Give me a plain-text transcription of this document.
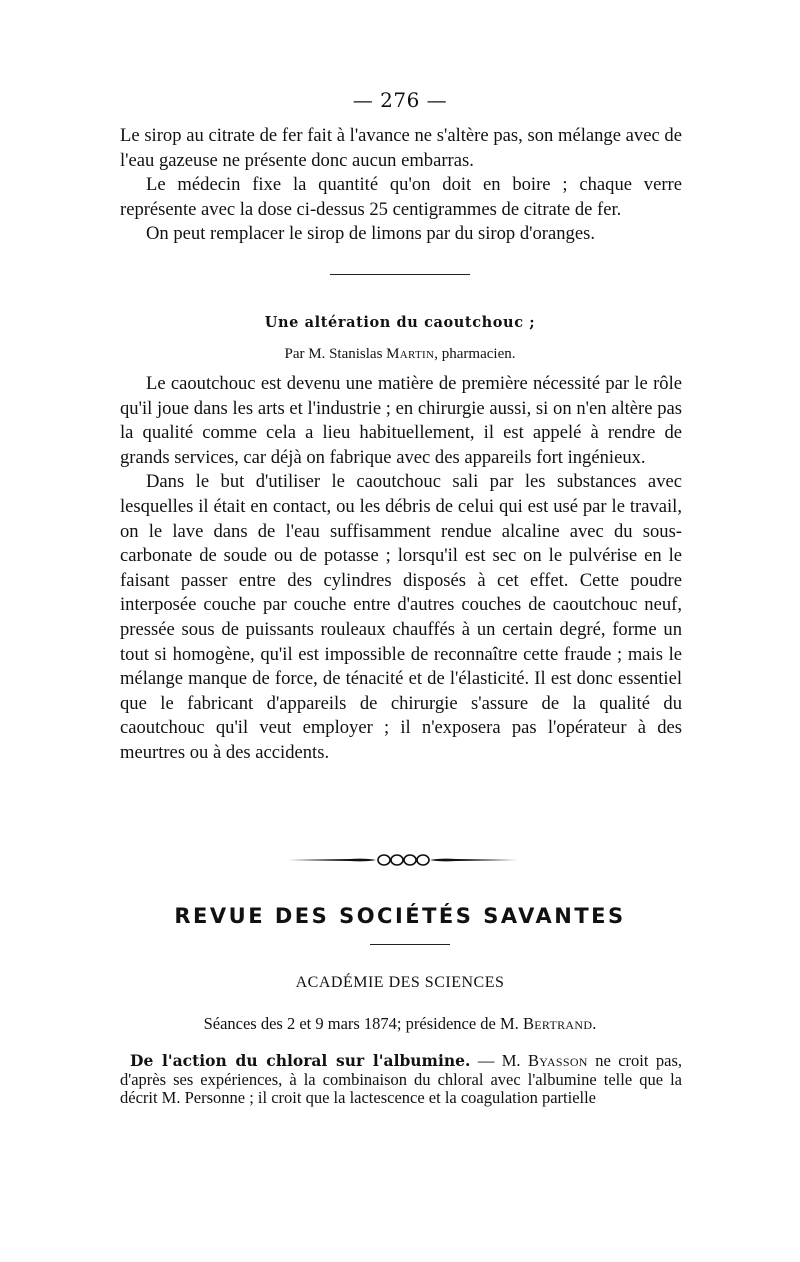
— 276 —

Le sirop au citrate de fer fait à l'avance ne s'altère pas, son mélange avec de l'eau gazeuse ne présente donc aucun embarras.

Le médecin fixe la quantité qu'on doit en boire ; chaque verre représente avec la dose ci-dessus 25 centigrammes de citrate de fer.

On peut remplacer le sirop de limons par du sirop d'oranges.

Une altération du caoutchouc ;
Par M. Stanislas Martin, pharmacien.

Le caoutchouc est devenu une matière de première nécessité par le rôle qu'il joue dans les arts et l'industrie ; en chirurgie aussi, si on n'en altère pas la qualité comme cela a lieu habituellement, il est appelé à rendre de grands services, car déjà on fabrique avec des appareils fort ingénieux.

Dans le but d'utiliser le caoutchouc sali par les substances avec lesquelles il était en contact, ou les débris de celui qui est usé par le travail, on le lave dans de l'eau suffisamment rendue alcaline avec du sous-carbonate de soude ou de potasse ; lorsqu'il est sec on le pulvérise en le faisant passer entre des cylindres disposés à cet effet. Cette poudre interposée couche par couche entre d'autres couches de caoutchouc neuf, pressée sous de puissants rouleaux chauffés à un certain degré, forme un tout si homogène, qu'il est impossible de reconnaître cette fraude ; mais le mélange manque de force, de ténacité et de l'élasticité. Il est donc essentiel que le fabricant d'appareils de chirurgie s'assure de la qualité du caoutchouc qu'il veut employer ; il n'exposera pas l'opérateur à des meurtres ou à des accidents.

REVUE DES SOCIÉTÉS SAVANTES
ACADÉMIE DES SCIENCES
Séances des 2 et 9 mars 1874; présidence de M. Bertrand.

De l'action du chloral sur l'albumine. — M. Byasson ne croit pas, d'après ses expériences, à la combinaison du chloral avec l'albumine telle que la décrit M. Personne ; il croit que la lactescence et la coagulation partielle
